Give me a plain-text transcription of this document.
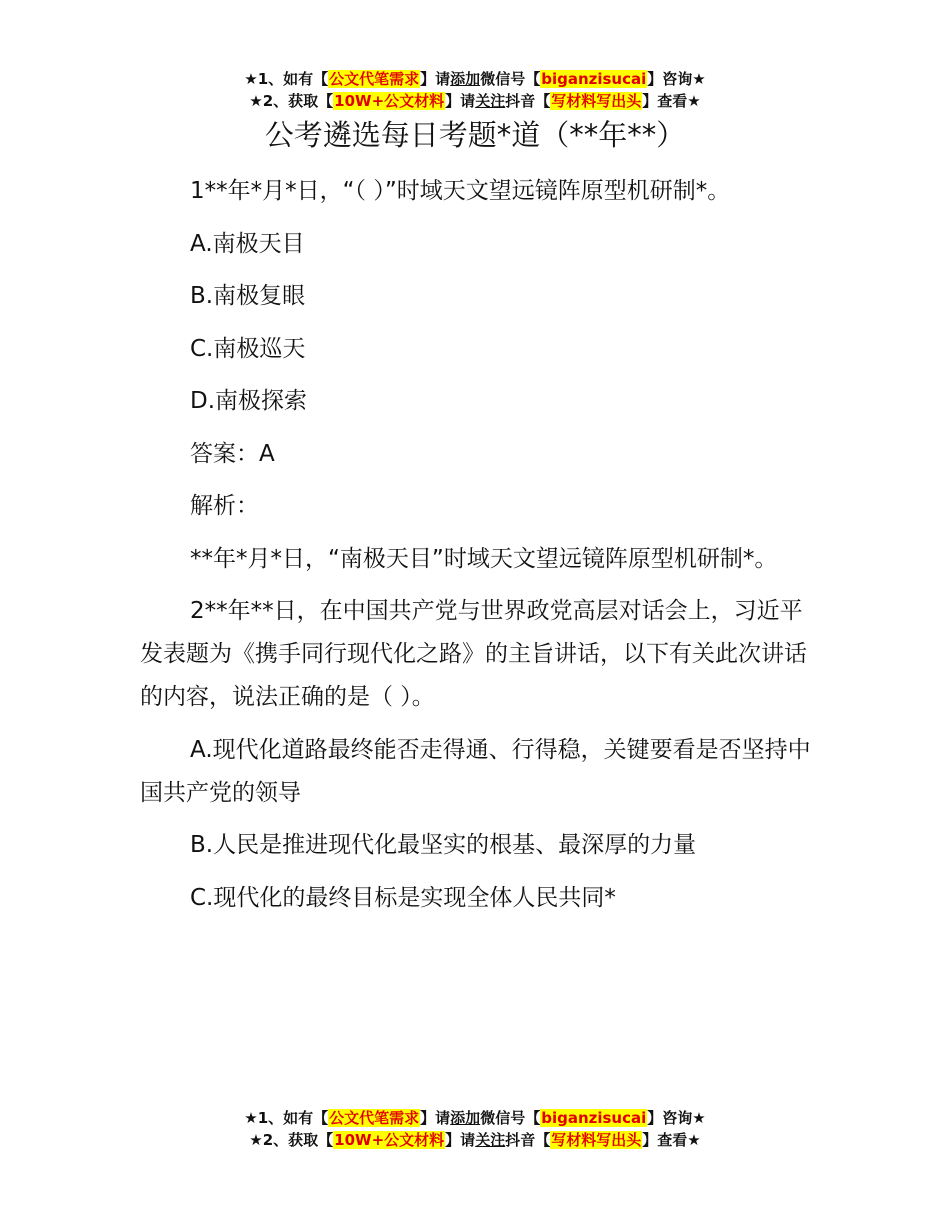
★1、如有【公文代笔需求】请添加微信号【biganzisucai】咨询★
★2、获取【10W+公文材料】请关注抖音【写材料写出头】查看★
公考遴选每日考题*道（**年**）

1**年*月*日，“（ ）”时域天文望远镜阵原型机研制*。

A.南极天目

B.南极复眼

C.南极巡天

D.南极探索

答案：A

解析：

**年*月*日，“南极天目”时域天文望远镜阵原型机研制*。

2**年**日，在中国共产党与世界政党高层对话会上，习近平发表题为《携手同行现代化之路》的主旨讲话，以下有关此次讲话的内容，说法正确的是（ ）。

A.现代化道路最终能否走得通、行得稳，关键要看是否坚持中国共产党的领导

B.人民是推进现代化最坚实的根基、最深厚的力量

C.现代化的最终目标是实现全体人民共同*

★1、如有【公文代笔需求】请添加微信号【biganzisucai】咨询★
★2、获取【10W+公文材料】请关注抖音【写材料写出头】查看★
